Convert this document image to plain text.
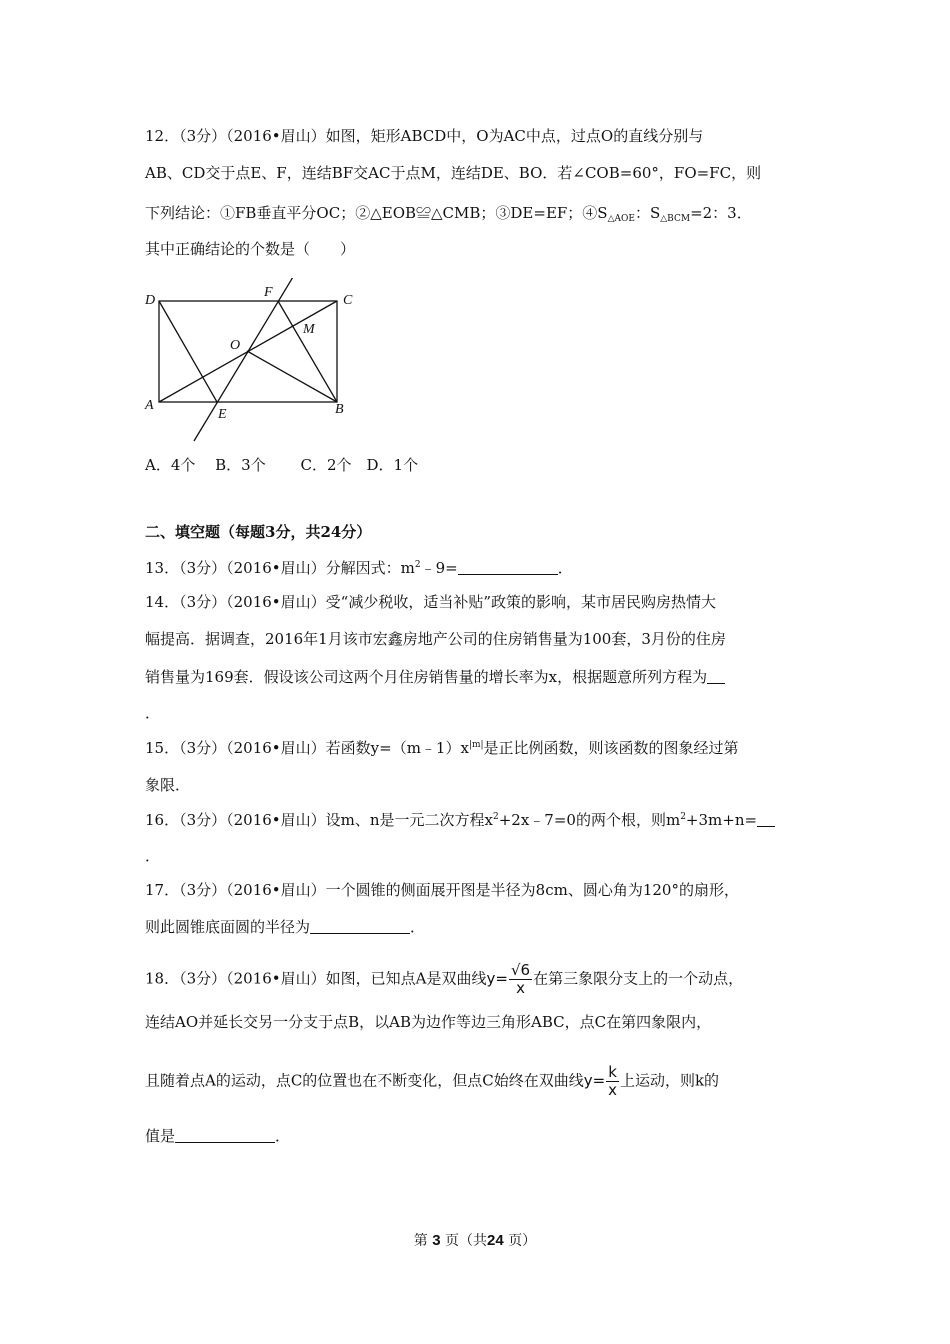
12．（3分）（2016•眉山）如图，矩形ABCD中，O为AC中点，过点O的直线分别与
AB、CD交于点E、F，连结BF交AC于点M，连结DE、BO．若∠COB=60°，FO=FC，则
下列结论：①FB垂直平分OC；②△EOB≌△CMB；③DE=EF；$④S_{\triangle AOE}$：$S_{\triangle BCM}=2$：3．
其中正确结论的个数是（　　）
D
F
C
M
O
A
E	B
A．4个　 B．3个　　 C．2个　D．1个
二、填空题（每题3分，共24分）
13．（3分）（2016•眉山）分解因式：$m^2﹣9=$	．
14．（3分）（2016•眉山）受“减少税收，适当补贴”政策的影响，某市居民购房热情大
幅提高．据调查，2016年1月该市宏鑫房地产公司的住房销售量为100套，3月份的住房
销售量为169套．假设该公司这两个月住房销售量的增长率为x，根据题意所列方程为
．
15．（3分）（2016•眉山）若函数$y=(m﹣1)x^{|m|}$是正比例函数，则该函数的图象经过第
象限．
16．（3分）（2016•眉山）设m、n是一元二次方程$x^2+2x﹣7=0$的两个根，则$m^2+3m+n=$
．
17．（3分）（2016•眉山）一个圆锥的侧面展开图是半径为8cm、圆心角为120°的扇形，
则此圆锥底面圆的半径为	．
18．（3分）（2016•眉山）如图，已知点A是双曲线$y= \frac{√6}{x}$ 在第三象限分支上的一个动点，
连结AO并延长交另一分支于点B，以AB为边作等边三角形ABC，点C在第四象限内，
且随着点A的运动，点C的位置也在不断变化，但点C始终在双曲线$y= \frac{k}{x}$ 上运动，则k的
值是	．
第 3 页（共24 页）
